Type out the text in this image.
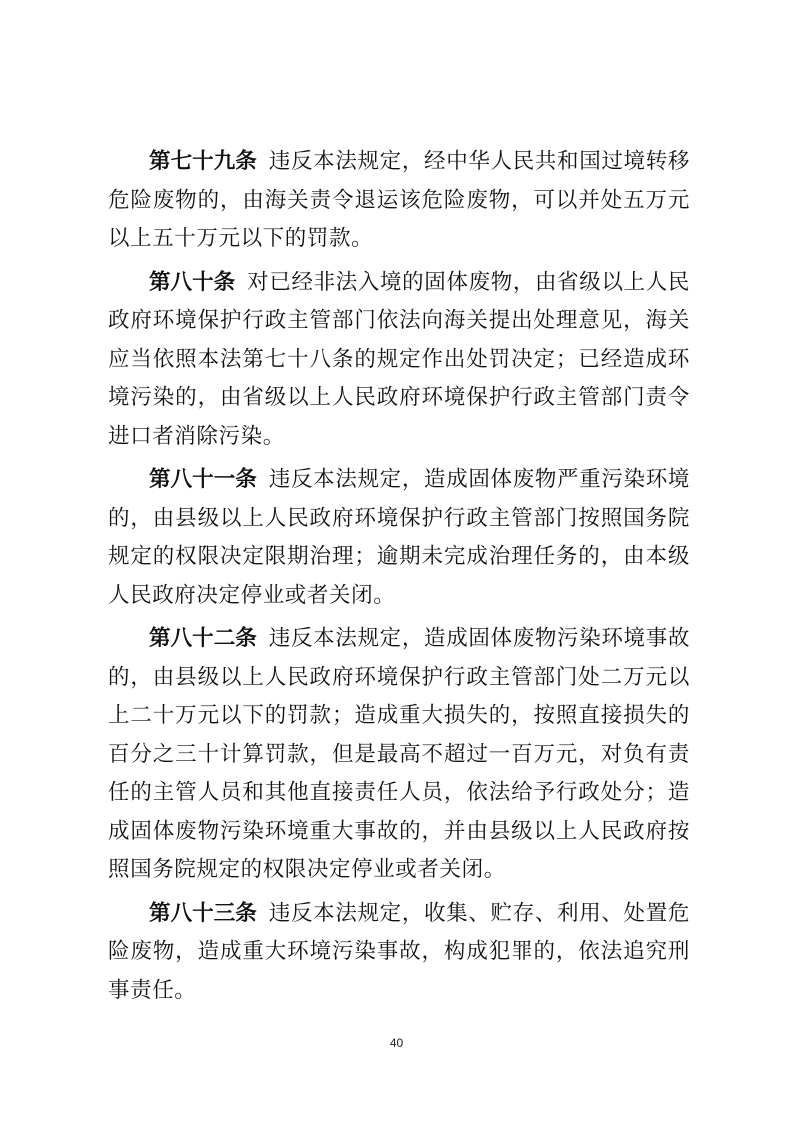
第七十九条 违反本法规定，经中华人民共和国过境转移危险废物的，由海关责令退运该危险废物，可以并处五万元以上五十万元以下的罚款。

第八十条 对已经非法入境的固体废物，由省级以上人民政府环境保护行政主管部门依法向海关提出处理意见，海关应当依照本法第七十八条的规定作出处罚决定；已经造成环境污染的，由省级以上人民政府环境保护行政主管部门责令进口者消除污染。

第八十一条 违反本法规定，造成固体废物严重污染环境的，由县级以上人民政府环境保护行政主管部门按照国务院规定的权限决定限期治理；逾期未完成治理任务的，由本级人民政府决定停业或者关闭。

第八十二条 违反本法规定，造成固体废物污染环境事故的，由县级以上人民政府环境保护行政主管部门处二万元以上二十万元以下的罚款；造成重大损失的，按照直接损失的百分之三十计算罚款，但是最高不超过一百万元，对负有责任的主管人员和其他直接责任人员，依法给予行政处分；造成固体废物污染环境重大事故的，并由县级以上人民政府按照国务院规定的权限决定停业或者关闭。

第八十三条 违反本法规定，收集、贮存、利用、处置危险废物，造成重大环境污染事故，构成犯罪的，依法追究刑事责任。

40
